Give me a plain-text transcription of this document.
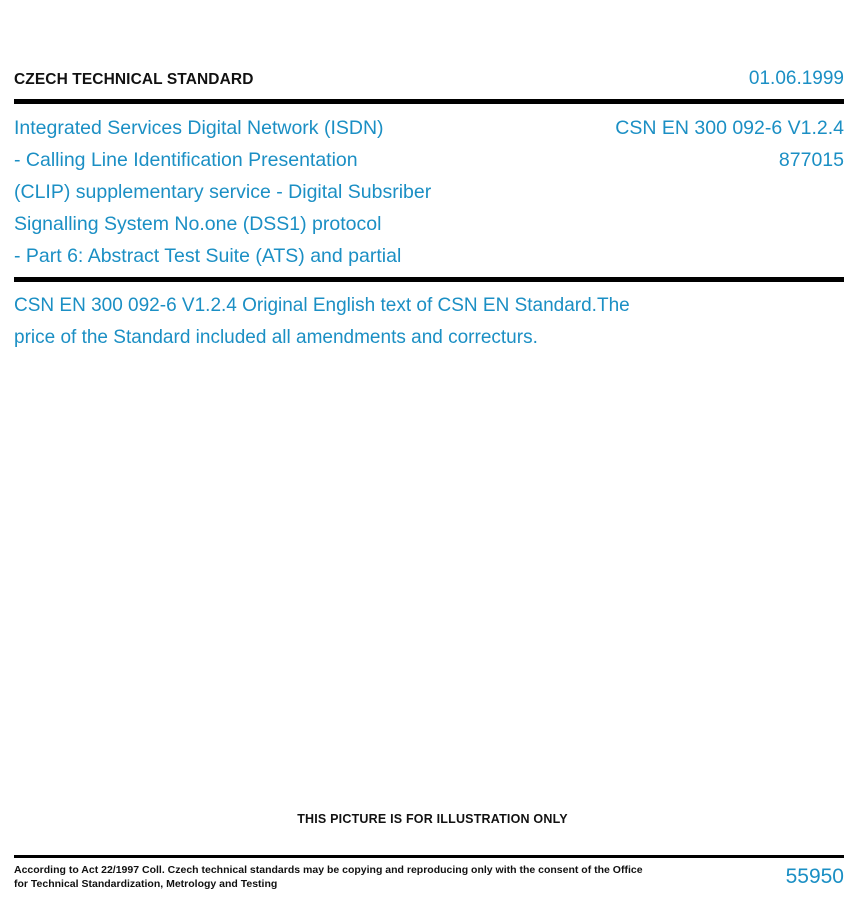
CZECH TECHNICAL STANDARD	01.06.1999
Integrated Services Digital Network (ISDN)
- Calling Line Identification Presentation
(CLIP) supplementary service - Digital Subsriber
Signalling System No.one (DSS1) protocol
- Part 6: Abstract Test Suite (ATS) and partial
CSN EN 300 092-6 V1.2.4
877015
CSN EN 300 092-6 V1.2.4 Original English text of CSN EN Standard.The
price of the Standard included all amendments and correcturs.
THIS PICTURE IS FOR ILLUSTRATION ONLY
According to Act 22/1997 Coll. Czech technical standards may be copying and reproducing only with the consent of the Office
for Technical Standardization, Metrology and Testing	55950
